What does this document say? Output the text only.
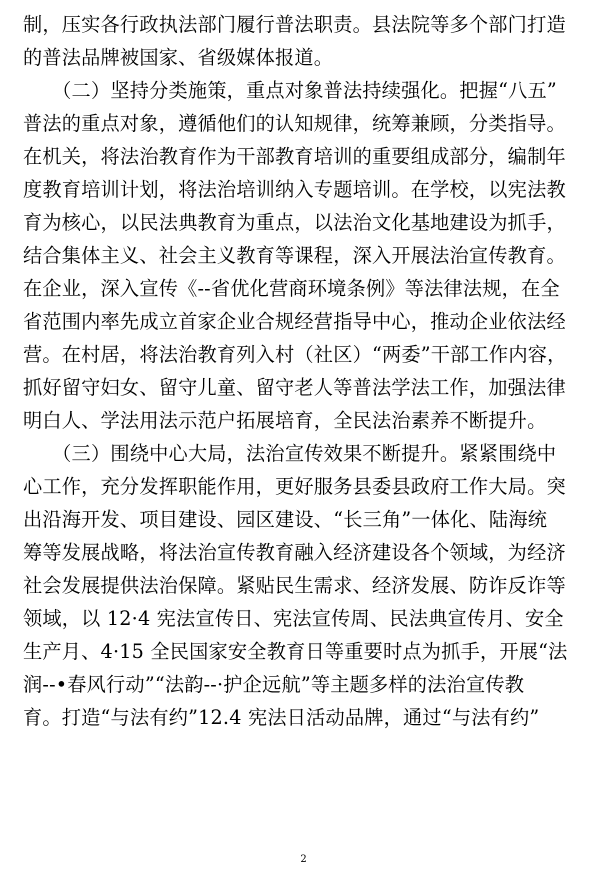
制，压实各行政执法部门履行普法职责。县法院等多个部门打造
的普法品牌被国家、省级媒体报道。
　　（二）坚持分类施策，重点对象普法持续强化。把握“八五”
普法的重点对象，遵循他们的认知规律，统筹兼顾，分类指导。
在机关，将法治教育作为干部教育培训的重要组成部分，编制年
度教育培训计划，将法治培训纳入专题培训。在学校，以宪法教
育为核心，以民法典教育为重点，以法治文化基地建设为抓手，
结合集体主义、社会主义教育等课程，深入开展法治宣传教育。
在企业，深入宣传《--省优化营商环境条例》等法律法规，在全
省范围内率先成立首家企业合规经营指导中心，推动企业依法经
营。在村居，将法治教育列入村（社区）“两委”干部工作内容，
抓好留守妇女、留守儿童、留守老人等普法学法工作，加强法律
明白人、学法用法示范户拓展培育，全民法治素养不断提升。
　　（三）围绕中心大局，法治宣传效果不断提升。紧紧围绕中
心工作，充分发挥职能作用，更好服务县委县政府工作大局。突
出沿海开发、项目建设、园区建设、“长三角”一体化、陆海统
筹等发展战略，将法治宣传教育融入经济建设各个领域，为经济
社会发展提供法治保障。紧贴民生需求、经济发展、防诈反诈等
领域，以 12·4 宪法宣传日、宪法宣传周、民法典宣传月、安全
生产月、4·15 全民国家安全教育日等重要时点为抓手，开展“法
润--•春风行动”“法韵--·护企远航”等主题多样的法治宣传教
育。打造“与法有约”12.4 宪法日活动品牌，通过“与法有约”
2
